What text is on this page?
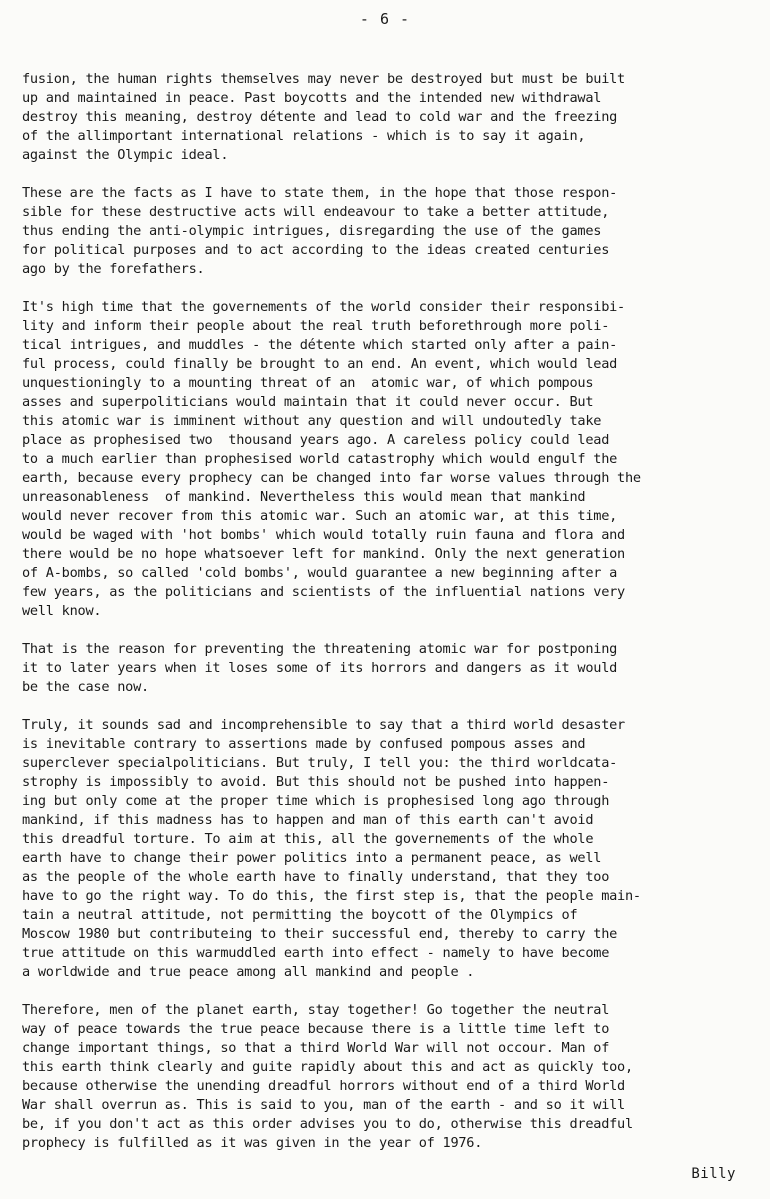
- 6 -
fusion, the human rights themselves may never be destroyed but must be built
up and maintained in peace. Past boycotts and the intended new withdrawal
destroy this meaning, destroy détente and lead to cold war and the freezing
of the allimportant international relations - which is to say it again,
against the Olympic ideal.
These are the facts as I have to state them, in the hope that those respon-
sible for these destructive acts will endeavour to take a better attitude,
thus ending the anti-olympic intrigues, disregarding the use of the games
for political purposes and to act according to the ideas created centuries
ago by the forefathers.
It's high time that the governements of the world consider their responsibi-
lity and inform their people about the real truth beforethrough more poli-
tical intrigues, and muddles - the détente which started only after a pain-
ful process, could finally be brought to an end. An event, which would lead
unquestioningly to a mounting threat of an  atomic war, of which pompous
asses and superpoliticians would maintain that it could never occur. But
this atomic war is imminent without any question and will undoutedly take
place as prophesised two  thousand years ago. A careless policy could lead
to a much earlier than prophesised world catastrophy which would engulf the
earth, because every prophecy can be changed into far worse values through the
unreasonableness  of mankind. Nevertheless this would mean that mankind
would never recover from this atomic war. Such an atomic war, at this time,
would be waged with 'hot bombs' which would totally ruin fauna and flora and
there would be no hope whatsoever left for mankind. Only the next generation
of A-bombs, so called 'cold bombs', would guarantee a new beginning after a
few years, as the politicians and scientists of the influential nations very
well know.
That is the reason for preventing the threatening atomic war for postponing
it to later years when it loses some of its horrors and dangers as it would
be the case now.
Truly, it sounds sad and incomprehensible to say that a third world desaster
is inevitable contrary to assertions made by confused pompous asses and
superclever specialpoliticians. But truly, I tell you: the third worldcata-
strophy is impossibly to avoid. But this should not be pushed into happen-
ing but only come at the proper time which is prophesised long ago through
mankind, if this madness has to happen and man of this earth can't avoid
this dreadful torture. To aim at this, all the governements of the whole
earth have to change their power politics into a permanent peace, as well
as the people of the whole earth have to finally understand, that they too
have to go the right way. To do this, the first step is, that the people main-
tain a neutral attitude, not permitting the boycott of the Olympics of
Moscow 1980 but contributeing to their successful end, thereby to carry the
true attitude on this warmuddled earth into effect - namely to have become
a worldwide and true peace among all mankind and people .
Therefore, men of the planet earth, stay together! Go together the neutral
way of peace towards the true peace because there is a little time left to
change important things, so that a third World War will not occour. Man of
this earth think clearly and guite rapidly about this and act as quickly too,
because otherwise the unending dreadful horrors without end of a third World
War shall overrun as. This is said to you, man of the earth - and so it will
be, if you don't act as this order advises you to do, otherwise this dreadful
prophecy is fulfilled as it was given in the year of 1976.
Billy
